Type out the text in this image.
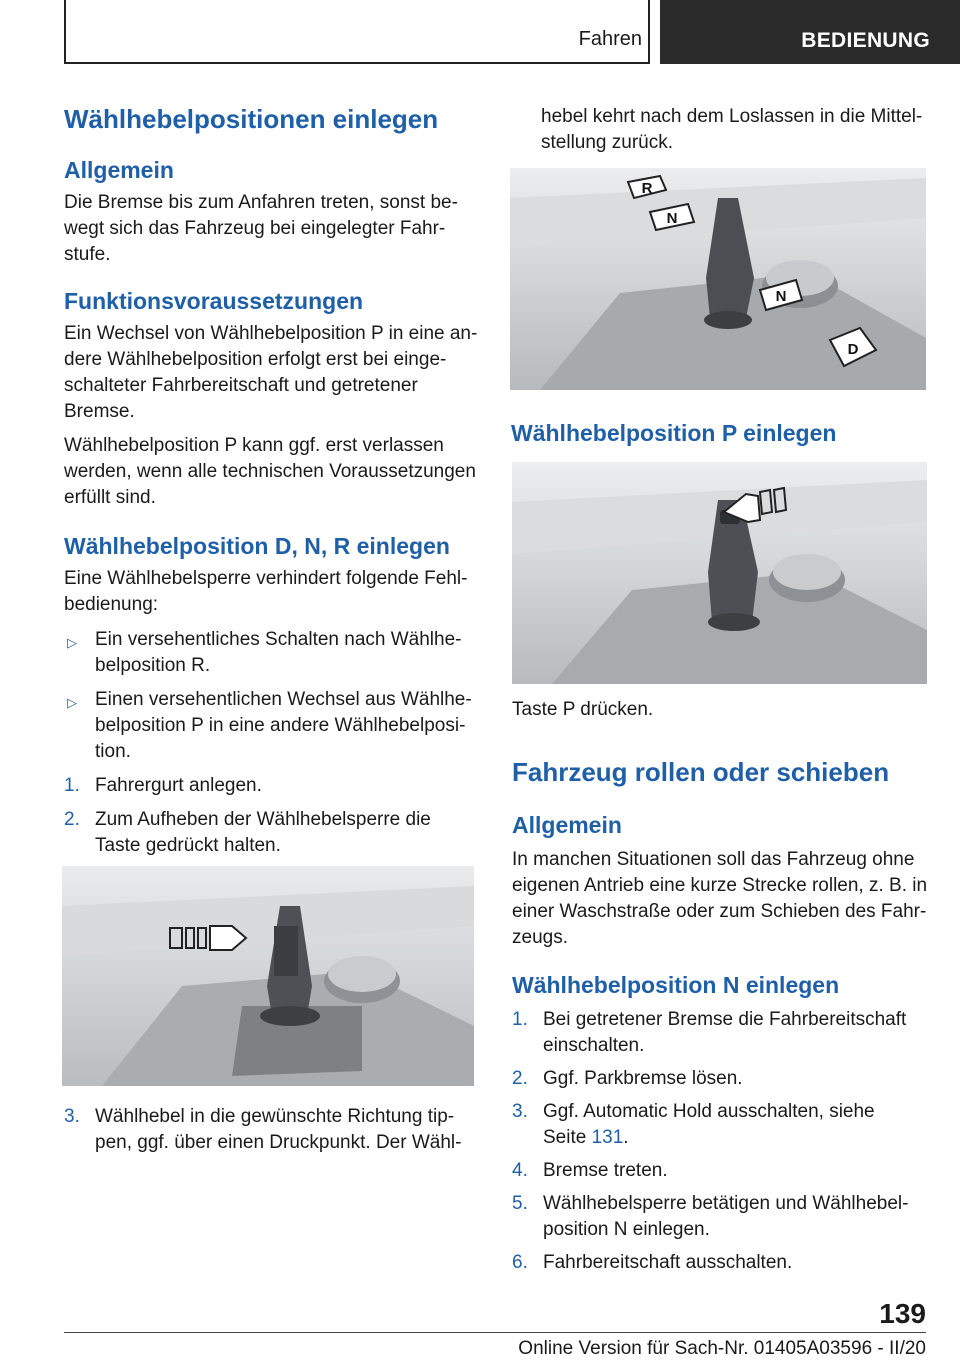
Fahren	BEDIENUNG
Wählhebelpositionen einlegen
Allgemein
Die Bremse bis zum Anfahren treten, sonst be-
wegt sich das Fahrzeug bei eingelegter Fahr-
stufe.
Funktionsvoraussetzungen
Ein Wechsel von Wählhebelposition P in eine an-
dere Wählhebelposition erfolgt erst bei einge-
schalteter Fahrbereitschaft und getretener
Bremse.
Wählhebelposition P kann ggf. erst verlassen
werden, wenn alle technischen Voraussetzungen
erfüllt sind.
Wählhebelposition D, N, R einlegen
Eine Wählhebelsperre verhindert folgende Fehl-
bedienung:
▷ Ein versehentliches Schalten nach Wählhe-
belposition R.
▷ Einen versehentlichen Wechsel aus Wählhe-
belposition P in eine andere Wählhebelposi-
tion.
1. Fahrergurt anlegen.
2. Zum Aufheben der Wählhebelsperre die
Taste gedrückt halten.
3. Wählhebel in die gewünschte Richtung tip-
pen, ggf. über einen Druckpunkt. Der Wähl-
hebel kehrt nach dem Loslassen in die Mittel-
stellung zurück.
R
N
N
D
Wählhebelposition P einlegen
Taste P drücken.
Fahrzeug rollen oder schieben
Allgemein
In manchen Situationen soll das Fahrzeug ohne
eigenen Antrieb eine kurze Strecke rollen, z. B. in
einer Waschstraße oder zum Schieben des Fahr-
zeugs.
Wählhebelposition N einlegen
1. Bei getretener Bremse die Fahrbereitschaft
einschalten.
2. Ggf. Parkbremse lösen.
3. Ggf. Automatic Hold ausschalten, siehe
Seite 131.
4. Bremse treten.
5. Wählhebelsperre betätigen und Wählhebel-
position N einlegen.
6. Fahrbereitschaft ausschalten.
139
Online Version für Sach-Nr. 01405A03596 - II/20
